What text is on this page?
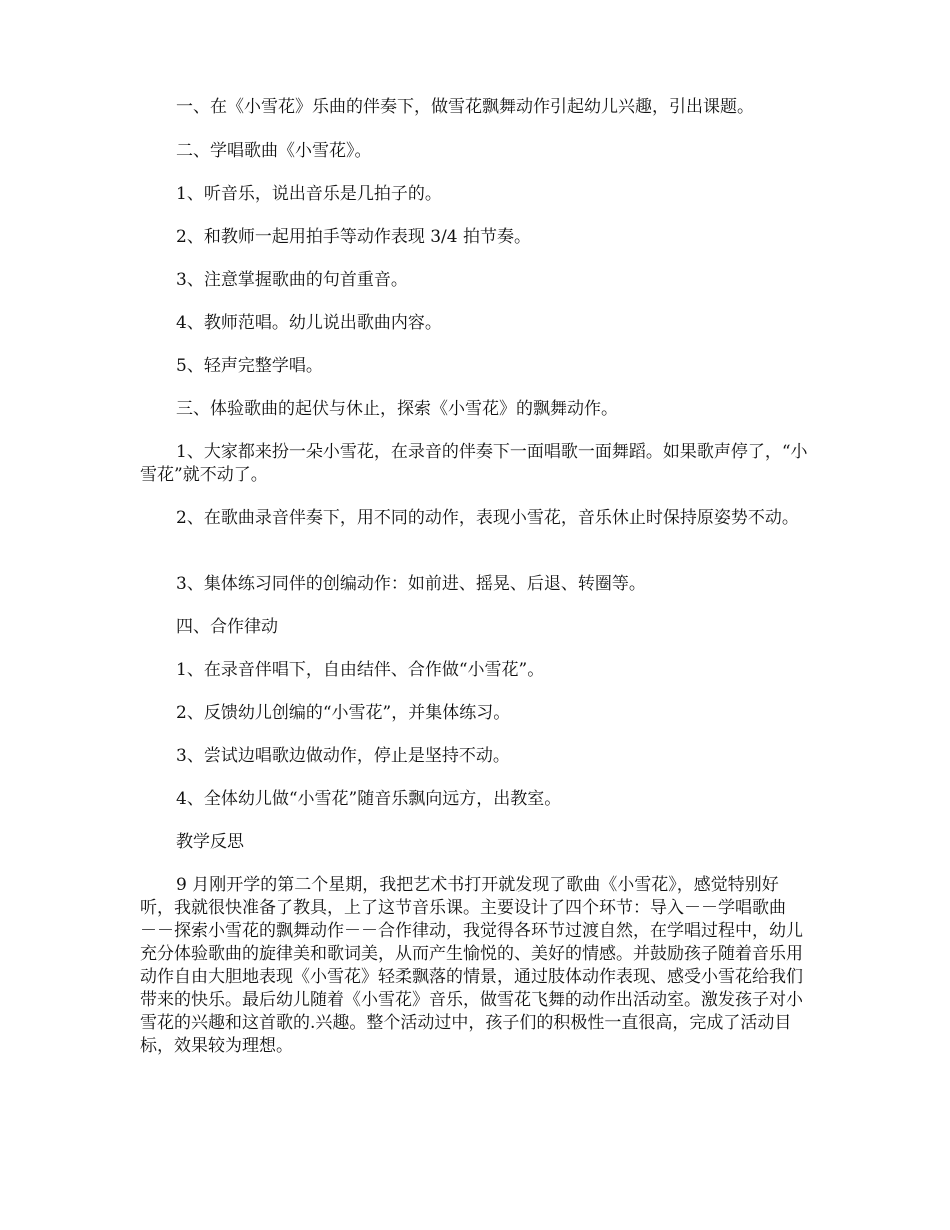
一、在《小雪花》乐曲的伴奏下，做雪花飘舞动作引起幼儿兴趣，引出课题。

二、学唱歌曲《小雪花》。

1、听音乐，说出音乐是几拍子的。

2、和教师一起用拍手等动作表现 3/4 拍节奏。

3、注意掌握歌曲的句首重音。

4、教师范唱。幼儿说出歌曲内容。

5、轻声完整学唱。

三、体验歌曲的起伏与休止，探索《小雪花》的飘舞动作。

1、大家都来扮一朵小雪花，在录音的伴奏下一面唱歌一面舞蹈。如果歌声停了，“小雪花”就不动了。

2、在歌曲录音伴奏下，用不同的动作，表现小雪花，音乐休止时保持原姿势不动。

3、集体练习同伴的创编动作：如前进、摇晃、后退、转圈等。

四、合作律动

1、在录音伴唱下，自由结伴、合作做“小雪花”。

2、反馈幼儿创编的“小雪花”，并集体练习。

3、尝试边唱歌边做动作，停止是坚持不动。

4、全体幼儿做“小雪花”随音乐飘向远方，出教室。

教学反思

9 月刚开学的第二个星期，我把艺术书打开就发现了歌曲《小雪花》，感觉特别好听，我就很快准备了教具，上了这节音乐课。主要设计了四个环节：导入－－学唱歌曲 －－探索小雪花的飘舞动作－－合作律动，我觉得各环节过渡自然，在学唱过程中，幼儿充分体验歌曲的旋律美和歌词美，从而产生愉悦的、美好的情感。并鼓励孩子随着音乐用动作自由大胆地表现《小雪花》轻柔飘落的情景，通过肢体动作表现、感受小雪花给我们带来的快乐。最后幼儿随着《小雪花》音乐，做雪花飞舞的动作出活动室。激发孩子对小雪花的兴趣和这首歌的.兴趣。整个活动过中，孩子们的积极性一直很高，完成了活动目标，效果较为理想。
